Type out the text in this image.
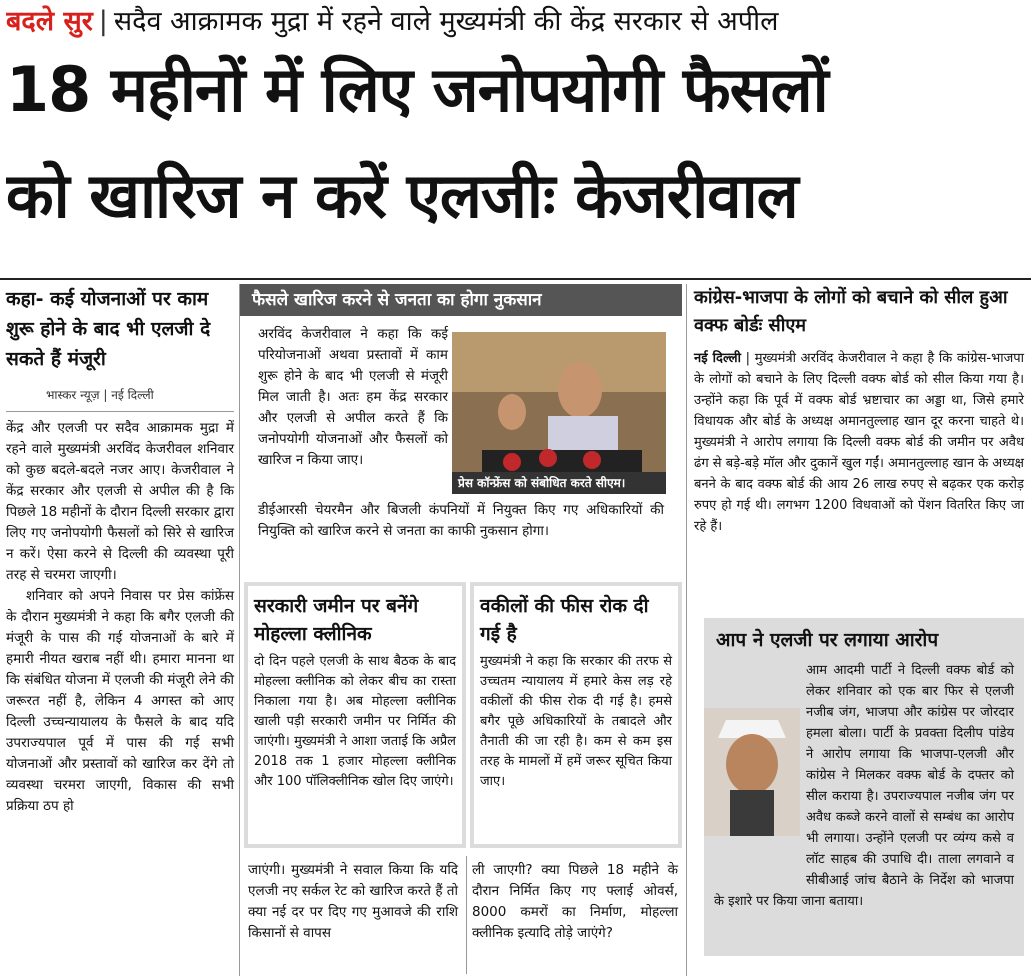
बदले सुर | सदैव आक्रामक मुद्रा में रहने वाले मुख्यमंत्री की केंद्र सरकार से अपील
18 महीनों में लिए जनोपयोगी फैसलों
को खारिज न करें एलजीः केजरीवाल
कहा- कई योजनाओं पर काम शुरू होने के बाद भी एलजी दे सकते हैं मंजूरी
भास्कर न्यूज़ | नई दिल्ली

केंद्र और एलजी पर सदैव आक्रामक मुद्रा में रहने वाले मुख्यमंत्री अरविंद केजरीवल शनिवार को कुछ बदले-बदले नजर आए। केजरीवाल ने केंद्र सरकार और एलजी से अपील की है कि पिछले 18 महीनों के दौरान दिल्ली सरकार द्वारा लिए गए जनोपयोगी फैसलों को सिरे से खारिज न करें। ऐसा करने से दिल्ली की व्यवस्था पूरी तरह से चरमरा जाएगी।

शनिवार को अपने निवास पर प्रेस कांफ्रेंस के दौरान मुख्यमंत्री ने कहा कि बगैर एलजी की मंजूरी के पास की गई योजनाओं के बारे में हमारी नीयत खराब नहीं थी। हमारा मानना था कि संबंधित योजना में एलजी की मंजूरी लेने की जरूरत नहीं है, लेकिन 4 अगस्त को आए दिल्ली उच्चन्यायालय के फैसले के बाद यदि उपराज्यपाल पूर्व में पास की गई सभी योजनाओं और प्रस्तावों को खारिज कर देंगे तो व्यवस्था चरमरा जाएगी, विकास की सभी प्रक्रिया ठप हो

फैसले खारिज करने से जनता का होगा नुकसान

अरविंद केजरीवाल ने कहा कि कई परियोजनाओं अथवा प्रस्तावों में काम शुरू होने के बाद भी एलजी से मंजूरी मिल जाती है। अतः हम केंद्र सरकार और एलजी से अपील करते हैं कि जनोपयोगी योजनाओं और फैसलों को खारिज न किया जाए।

प्रेस कॉन्फ्रेंस को संबोधित करते सीएम।

डीईआरसी चेयरमैन और बिजली कंपनियों में नियुक्त किए गए अधिकारियों की नियुक्ति को खारिज करने से जनता का काफी नुकसान होगा।

सरकारी जमीन पर बनेंगे मोहल्ला क्लीनिक

दो दिन पहले एलजी के साथ बैठक के बाद मोहल्ला क्लीनिक को लेकर बीच का रास्ता निकाला गया है। अब मोहल्ला क्लीनिक खाली पड़ी सरकारी जमीन पर निर्मित की जाएंगी। मुख्यमंत्री ने आशा जताई कि अप्रैल 2018 तक 1 हजार मोहल्ला क्लीनिक और 100 पॉलिक्लीनिक खोल दिए जाएंगे।

वकीलों की फीस रोक दी गई है

मुख्यमंत्री ने कहा कि सरकार की तरफ से उच्चतम न्यायालय में हमारे केस लड़ रहे वकीलों की फीस रोक दी गई है। हमसे बगैर पूछे अधिकारियों के तबादले और तैनाती की जा रही है। कम से कम इस तरह के मामलों में हमें जरूर सूचित किया जाए।

जाएंगी। मुख्यमंत्री ने सवाल किया कि यदि एलजी नए सर्कल रेट को खारिज करते हैं तो क्या नई दर पर दिए गए मुआवजे की राशि किसानों से वापस

ली जाएगी? क्या पिछले 18 महीने के दौरान निर्मित किए गए फ्लाई ओवर्स, 8000 कमरों का निर्माण, मोहल्ला क्लीनिक इत्यादि तोड़े जाएंगे?

कांग्रेस-भाजपा के लोगों को बचाने को सील हुआ वक्फ बोर्डः सीएम

नई दिल्ली | मुख्यमंत्री अरविंद केजरीवाल ने कहा है कि कांग्रेस-भाजपा के लोगों को बचाने के लिए दिल्ली वक्फ बोर्ड को सील किया गया है। उन्होंने कहा कि पूर्व में वक्फ बोर्ड भ्रष्टाचार का अड्डा था, जिसे हमारे विधायक और बोर्ड के अध्यक्ष अमानतुल्लाह खान दूर करना चाहते थे। मुख्यमंत्री ने आरोप लगाया कि दिल्ली वक्फ बोर्ड की जमीन पर अवैध ढंग से बड़े-बड़े मॉल और दुकानें खुल गईं। अमानतुल्लाह खान के अध्यक्ष बनने के बाद वक्फ बोर्ड की आय 26 लाख रुपए से बढ़कर एक करोड़ रुपए हो गई थी। लगभग 1200 विधवाओं को पेंशन वितरित किए जा रहे हैं।

आप ने एलजी पर लगाया आरोप

आम आदमी पार्टी ने दिल्ली वक्फ बोर्ड को लेकर शनिवार को एक बार फिर से एलजी नजीब जंग, भाजपा और कांग्रेस पर जोरदार हमला बोला। पार्टी के प्रवक्ता दिलीप पांडेय ने आरोप लगाया कि भाजपा-एलजी और कांग्रेस ने मिलकर वक्फ बोर्ड के दफ्तर को सील कराया है। उपराज्यपाल नजीब जंग पर अवैध कब्जे करने वालों से सम्बंध का आरोप भी लगाया। उन्होंने एलजी पर व्यंग्य कसे व लॉट साहब की उपाधि दी। ताला लगवाने व सीबीआई जांच बैठाने के निर्देश को भाजपा के इशारे पर किया जाना बताया।
